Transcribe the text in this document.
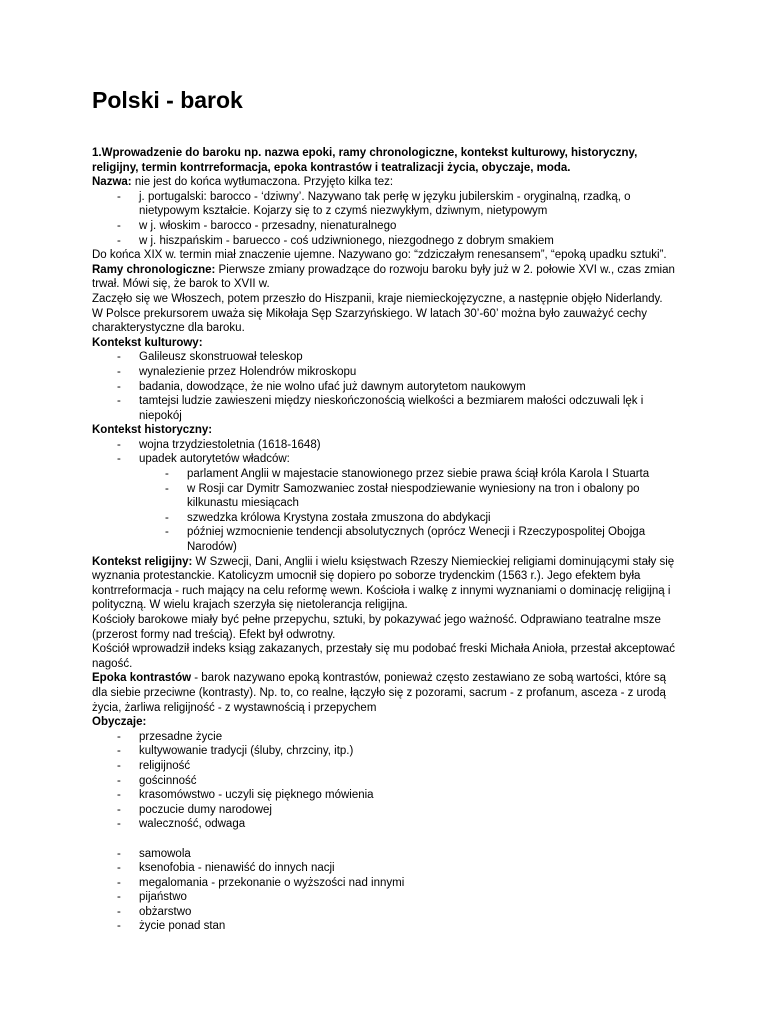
Polski - barok

1.Wprowadzenie do baroku np. nazwa epoki, ramy chronologiczne, kontekst kulturowy, historyczny, religijny, termin kontrreformacja, epoka kontrastów i teatralizacji życia, obyczaje, moda.

Nazwa: nie jest do końca wytłumaczona. Przyjęto kilka tez:

- j. portugalski: barocco - ‘dziwny’. Nazywano tak perłę w języku jubilerskim - oryginalną, rzadką, o nietypowym kształcie. Kojarzy się to z czymś niezwykłym, dziwnym, nietypowym
- w j. włoskim - barocco - przesadny, nienaturalnego
- w j. hiszpańskim - baruecco - coś udziwnionego, niezgodnego z dobrym smakiem

Do końca XIX w. termin miał znaczenie ujemne. Nazywano go: “zdziczałym renesansem”, “epoką upadku sztuki”.

Ramy chronologiczne: Pierwsze zmiany prowadzące do rozwoju baroku były już w 2. połowie XVI w., czas zmian trwał. Mówi się, że barok to XVII w.

Zaczęło się we Włoszech, potem przeszło do Hiszpanii, kraje niemieckojęzyczne, a następnie objęło Niderlandy.

W Polsce prekursorem uważa się Mikołaja Sęp Szarzyńskiego. W latach 30’-60’ można było zauważyć cechy charakterystyczne dla baroku.

Kontekst kulturowy:

- Galileusz skonstruował teleskop
- wynalezienie przez Holendrów mikroskopu
- badania, dowodzące, że nie wolno ufać już dawnym autorytetom naukowym
- tamtejsi ludzie zawieszeni między nieskończonością wielkości a bezmiarem małości odczuwali lęk i niepokój

Kontekst historyczny:

- wojna trzydziestoletnia (1618-1648)
- upadek autorytetów władców:
- parlament Anglii w majestacie stanowionego przez siebie prawa ściął króla Karola I Stuarta
- w Rosji car Dymitr Samozwaniec został niespodziewanie wyniesiony na tron i obalony po kilkunastu miesiącach
- szwedzka królowa Krystyna została zmuszona do abdykacji
- później wzmocnienie tendencji absolutycznych (oprócz Wenecji i Rzeczypospolitej Obojga Narodów)

Kontekst religijny: W Szwecji, Dani, Anglii i wielu księstwach Rzeszy Niemieckiej religiami dominującymi stały się wyznania protestanckie. Katolicyzm umocnił się dopiero po soborze trydenckim (1563 r.). Jego efektem była kontrreformacja - ruch mający na celu reformę wewn. Kościoła i walkę z innymi wyznaniami o dominację religijną i polityczną. W wielu krajach szerzyła się nietolerancja religijna.

Kościoły barokowe miały być pełne przepychu, sztuki, by pokazywać jego ważność. Odprawiano teatralne msze (przerost formy nad treścią). Efekt był odwrotny.

Kościół wprowadził indeks ksiąg zakazanych, przestały się mu podobać freski Michała Anioła, przestał akceptować nagość.

Epoka kontrastów - barok nazywano epoką kontrastów, ponieważ często zestawiano ze sobą wartości, które są dla siebie przeciwne (kontrasty). Np. to, co realne, łączyło się z pozorami, sacrum - z profanum, asceza - z urodą życia, żarliwa religijność - z wystawnością i przepychem

Obyczaje:

- przesadne życie
- kultywowanie tradycji (śluby, chrzciny, itp.)
- religijność
- gościnność
- krasomówstwo - uczyli się pięknego mówienia
- poczucie dumy narodowej
- waleczność, odwaga
- samowola
- ksenofobia - nienawiść do innych nacji
- megalomania - przekonanie o wyższości nad innymi
- pijaństwo
- obżarstwo
- życie ponad stan
